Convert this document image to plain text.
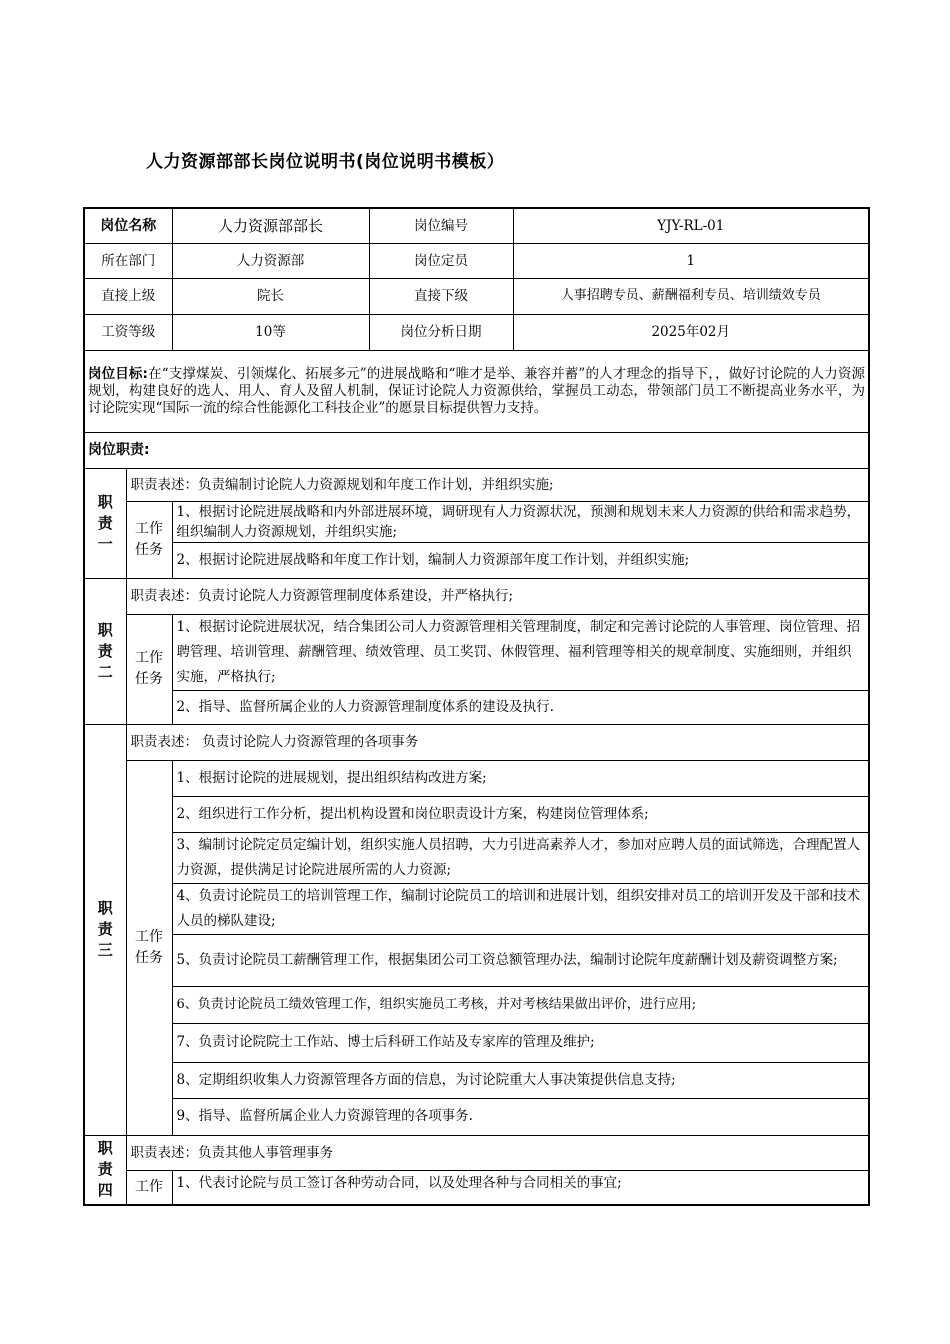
人力资源部部长岗位说明书(岗位说明书模板）
岗位名称		人力资源部部长	岗位编号	YJY-RL-01
所在部门		人力资源部	岗位定员	1
直接上级		院长	直接下级	人事招聘专员、薪酬福利专员、培训绩效专员
工资等级		10等	岗位分析日期	2025年02月
岗位目标:在“支撑煤炭、引领煤化、拓展多元”的进展战略和“唯才是举、兼容并蓄”的人才理念的指导下，，做好讨论院的人力资源规划，构建良好的选人、用人、育人及留人机制，保证讨论院人力资源供给，掌握员工动态，带领部门员工不断提高业务水平，为讨论院实现“国际一流的综合性能源化工科技企业”的愿景目标提供智力支持。				
岗位职责:				
职责一	职责表述：负责编制讨论院人力资源规划和年度工作计划，并组织实施;			
	工作任务	1、根据讨论院进展战略和内外部进展环境，调研现有人力资源状况，预测和规划未来人力资源的供给和需求趋势，组织编制人力资源规划，并组织实施;		
		2、根据讨论院进展战略和年度工作计划，编制人力资源部年度工作计划，并组织实施;		
职责二	职责表述：负责讨论院人力资源管理制度体系建设，并严格执行;			
	工作任务	1、根据讨论院进展状况，结合集团公司人力资源管理相关管理制度，制定和完善讨论院的人事管理、岗位管理、招聘管理、培训管理、薪酬管理、绩效管理、员工奖罚、休假管理、福利管理等相关的规章制度、实施细则，并组织实施，严格执行;		
		2、指导、监督所属企业的人力资源管理制度体系的建设及执行.		
职责三	职责表述： 负责讨论院人力资源管理的各项事务			
	工作任务	1、根据讨论院的进展规划，提出组织结构改进方案;		
		2、组织进行工作分析，提出机构设置和岗位职责设计方案，构建岗位管理体系;		
		3、编制讨论院定员定编计划，组织实施人员招聘，大力引进高素养人才，参加对应聘人员的面试筛选，合理配置人力资源，提供满足讨论院进展所需的人力资源;		
		4、负责讨论院员工的培训管理工作，编制讨论院员工的培训和进展计划，组织安排对员工的培训开发及干部和技术人员的梯队建设;		
		5、负责讨论院员工薪酬管理工作，根据集团公司工资总额管理办法，编制讨论院年度薪酬计划及薪资调整方案;		
		6、负责讨论院员工绩效管理工作，组织实施员工考核，并对考核结果做出评价，进行应用;		
		7、负责讨论院院士工作站、博士后科研工作站及专家库的管理及维护;		
		8、定期组织收集人力资源管理各方面的信息，为讨论院重大人事决策提供信息支持;		
		9、指导、监督所属企业人力资源管理的各项事务.		
职责四	职责表述：负责其他人事管理事务			
	工作	1、代表讨论院与员工签订各种劳动合同，以及处理各种与合同相关的事宜;		
